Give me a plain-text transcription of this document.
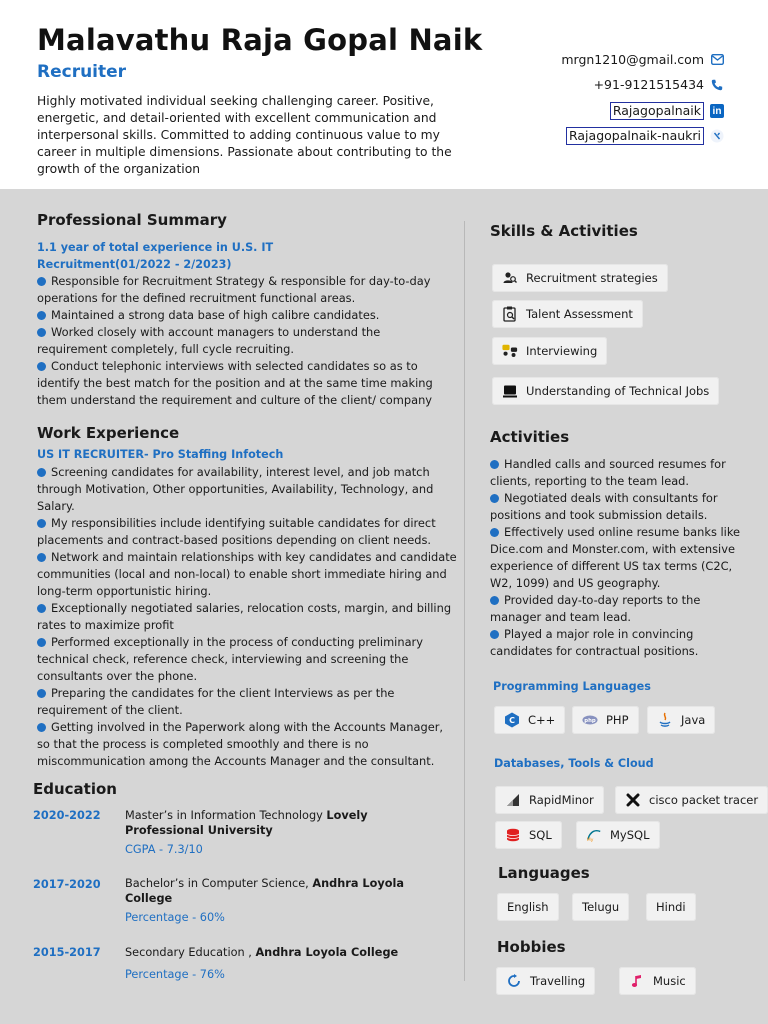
Malavathu Raja Gopal Naik
Recruiter
Highly motivated individual seeking challenging career. Positive, energetic, and detail-oriented with excellent communication and interpersonal skills. Committed to adding continuous value to my career in multiple dimensions. Passionate about contributing to the growth of the organization
mrgn1210@gmail.com
+91-9121515434
Rajagopalnaik	in
Rajagopalnaik-naukri
Professional Summary
1.1 year of total experience in U.S. IT Recruitment(01/2022 - 2/2023)

Responsible for Recruitment Strategy & responsible for day-to-day operations for the defined recruitment functional areas.

Maintained a strong data base of high calibre candidates.

Worked closely with account managers to understand the requirement completely, full cycle recruiting.

Conduct telephonic interviews with selected candidates so as to identify the best match for the position and at the same time making them understand the requirement and culture of the client/ company

Work Experience
US IT RECRUITER- Pro Staffing Infotech

Screening candidates for availability, interest level, and job match through Motivation, Other opportunities, Availability, Technology, and Salary.

My responsibilities include identifying suitable candidates for direct placements and contract-based positions depending on client needs.

Network and maintain relationships with key candidates and candidate communities (local and non-local) to enable short immediate hiring and long-term opportunistic hiring.

Exceptionally negotiated salaries, relocation costs, margin, and billing rates to maximize profit

Performed exceptionally in the process of conducting preliminary technical check, reference check, interviewing and screening the consultants over the phone.

Preparing the candidates for the client Interviews as per the requirement of the client.

Getting involved in the Paperwork along with the Accounts Manager, so that the process is completed smoothly and there is no miscommunication among the Accounts Manager and the consultant.

Education
2020-2022 Master’s in Information Technology Lovely Professional University
CGPA - 7.3/10
2017-2020 Bachelor’s in Computer Science, Andhra Loyola College
Percentage - 60%
2015-2017 Secondary Education , Andhra Loyola College
Percentage - 76%
Skills & Activities
Recruitment strategies
Talent Assessment
Interviewing
Understanding of Technical Jobs
Activities

Handled calls and sourced resumes for clients, reporting to the team lead.

Negotiated deals with consultants for positions and took submission details.

Effectively used online resume banks like Dice.com and Monster.com, with extensive experience of different US tax terms (C2C, W2, 1099) and US geography.

Provided day-to-day reports to the manager and team lead.

Played a major role in convincing candidates for contractual positions.

Programming Languages
C C++	php PHP	Java
Databases, Tools & Cloud
RapidMinor	cisco packet tracer
SQL	My MySQL
Languages
English	Telugu	Hindi
Hobbies
Travelling	Music
